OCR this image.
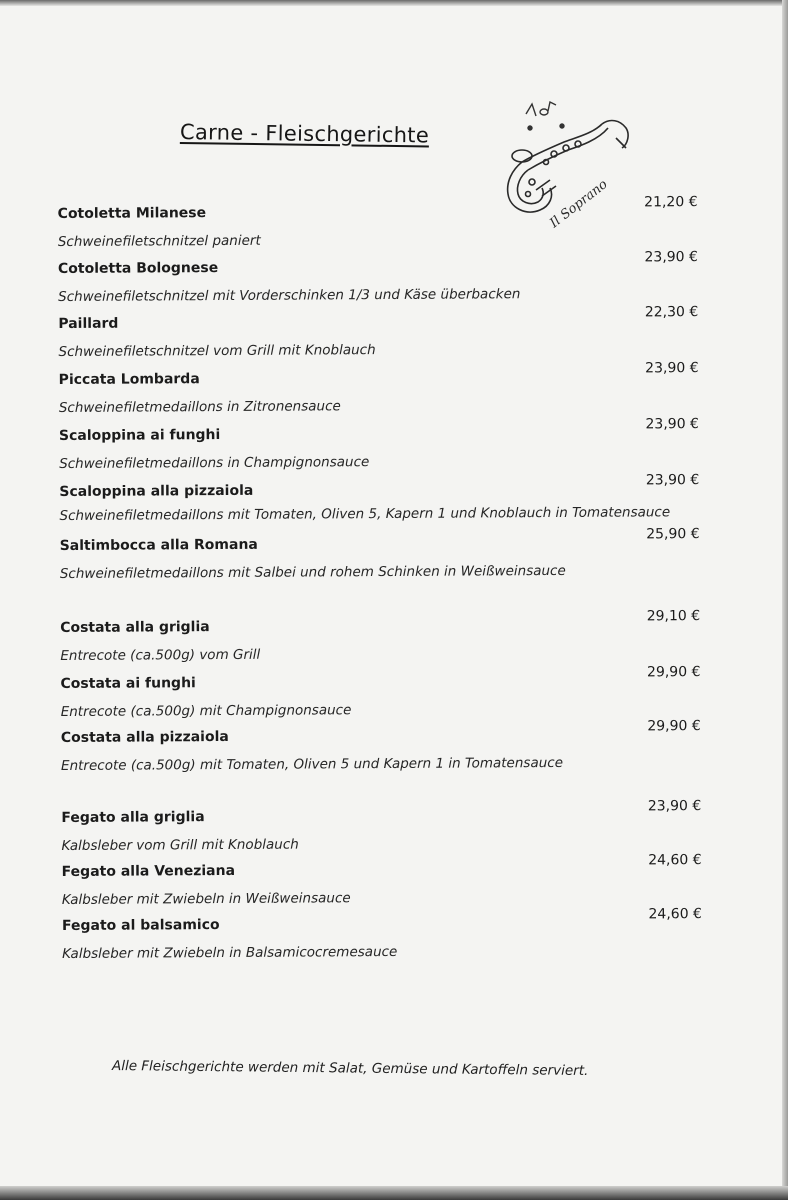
Carne - Fleischgerichte
Il Soprano
Cotoletta Milanese
21,20 €
Schweinefiletschnitzel paniert
Cotoletta Bolognese
23,90 €
Schweinefiletschnitzel mit Vorderschinken 1/3 und Käse überbacken
Paillard
22,30 €
Schweinefiletschnitzel vom Grill mit Knoblauch
Piccata Lombarda
23,90 €
Schweinefiletmedaillons in Zitronensauce
Scaloppina ai funghi
23,90 €
Schweinefiletmedaillons in Champignonsauce
Scaloppina alla pizzaiola
23,90 €
Schweinefiletmedaillons mit Tomaten, Oliven 5, Kapern 1 und Knoblauch in Tomatensauce
Saltimbocca alla Romana
25,90 €
Schweinefiletmedaillons mit Salbei und rohem Schinken in Weißweinsauce
Costata alla griglia
29,10 €
Entrecote (ca.500g) vom Grill
Costata ai funghi
29,90 €
Entrecote (ca.500g) mit Champignonsauce
Costata alla pizzaiola
29,90 €
Entrecote (ca.500g) mit Tomaten, Oliven 5 und Kapern 1 in Tomatensauce
Fegato alla griglia
23,90 €
Kalbsleber vom Grill mit Knoblauch
Fegato alla Veneziana
24,60 €
Kalbsleber mit Zwiebeln in Weißweinsauce
Fegato al balsamico
24,60 €
Kalbsleber mit Zwiebeln in Balsamicocremesauce
Alle Fleischgerichte werden mit Salat, Gemüse und Kartoffeln serviert.
